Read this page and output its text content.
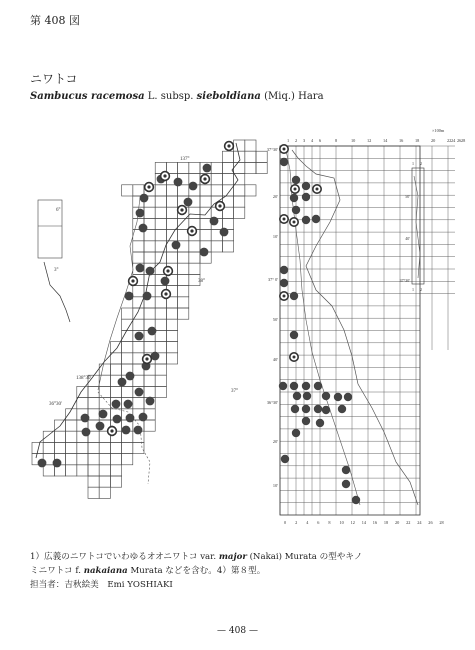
第 408 図
ニワトコ
Sambucus racemosa L. subsp. sieboldiana (Miq.) Hara
6°
3°
137°
38°
138°30'
36°30'
37°
1 2 3 4 6	8	10	12	14	16	18	20	22 24 26 28
×100m
0 2 4 6 8 10 12 14 16 18 20 22 24 26 28
37°30'
20'
10'
37° 0'
50'
40'
36°30'
20'
10'
1 2
50'
40'
37°30'
1 2
1）広義のニワトコでいわゆるオオニワトコ var. major (Nakai) Murata の型やキノ
ミニワトコ f. nakaiana Murata などを含む。4）第８型。
担当者：吉秋絵美　Emi YOSHIAKI
— 408 —
